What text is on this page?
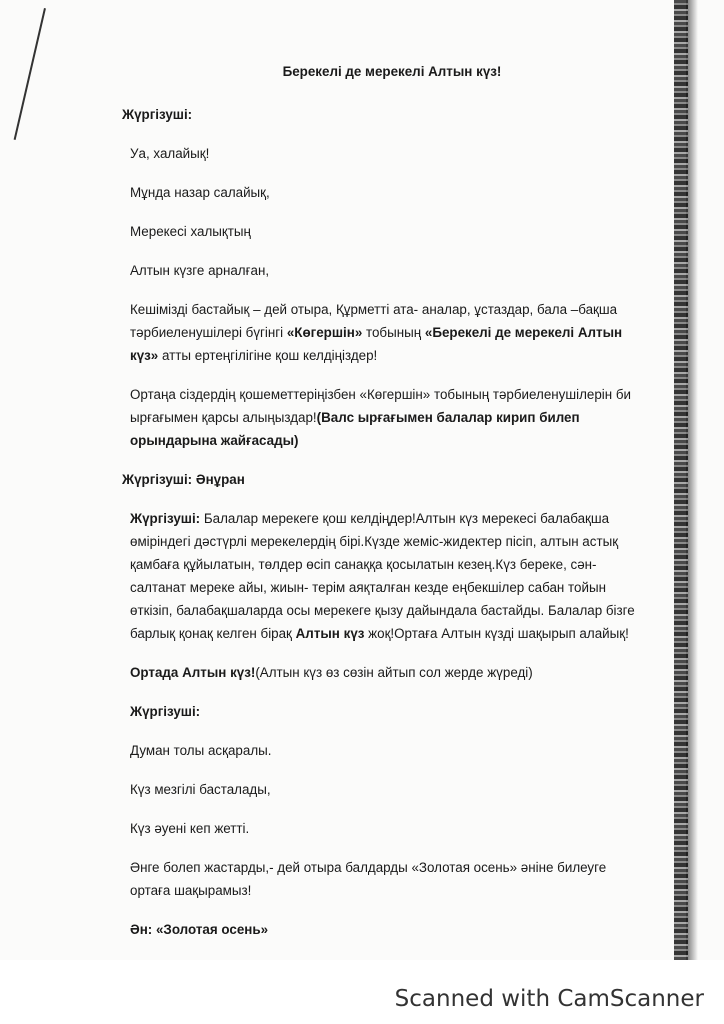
Берекелі де мерекелі Алтын күз!
Жүргізуші:
Уа, халайық!
Мұнда назар салайық,
Мерекесі халықтың
Алтын күзге арналған,
Кешімізді бастайық – дей отыра, Құрметті ата- аналар, ұстаздар, бала –бақша тәрбиеленушілері бүгінгі «Көгершін» тобының «Берекелі де мерекелі Алтын күз» атты ертеңгілігіне қош келдіңіздер!
Ортаңа сіздердің қошеметтеріңізбен «Көгершін» тобының тәрбиеленушілерін би ырғағымен қарсы алыңыздар!(Валс ырғағымен балалар кирип билеп орындарына жайғасады)
Жүргізуші: Әнұран
Жүргізуші: Балалар мерекеге қош келдіңдер!Алтын күз мерекесі балабақша өміріндегі дәстүрлі мерекелердің бірі.Күзде жеміс-жидектер пісіп, алтын астық қамбаға құйылатын, төлдер өсіп санаққа қосылатын кезең.Күз береке, сән- салтанат мереке айы, жиын- терім аяқталған кезде еңбекшілер сабан тойын өткізіп, балабақшаларда осы мерекеге қызу дайындала бастайды. Балалар бізге барлық қонақ келген бірақ Алтын күз жоқ!Ортаға Алтын күзді шақырып алайық!
Ортада Алтын күз!(Алтын күз өз сөзін айтып сол жерде жүреді)
Жүргізуші:
Думан толы асқаралы.
Күз мезгілі басталады,
Күз әуені кеп жетті.
Әнге болеп жастарды,- дей отыра балдарды «Золотая осень» әніне билеуге ортаға шақырамыз!
Ән: «Золотая осень»
Scanned with CamScanner
